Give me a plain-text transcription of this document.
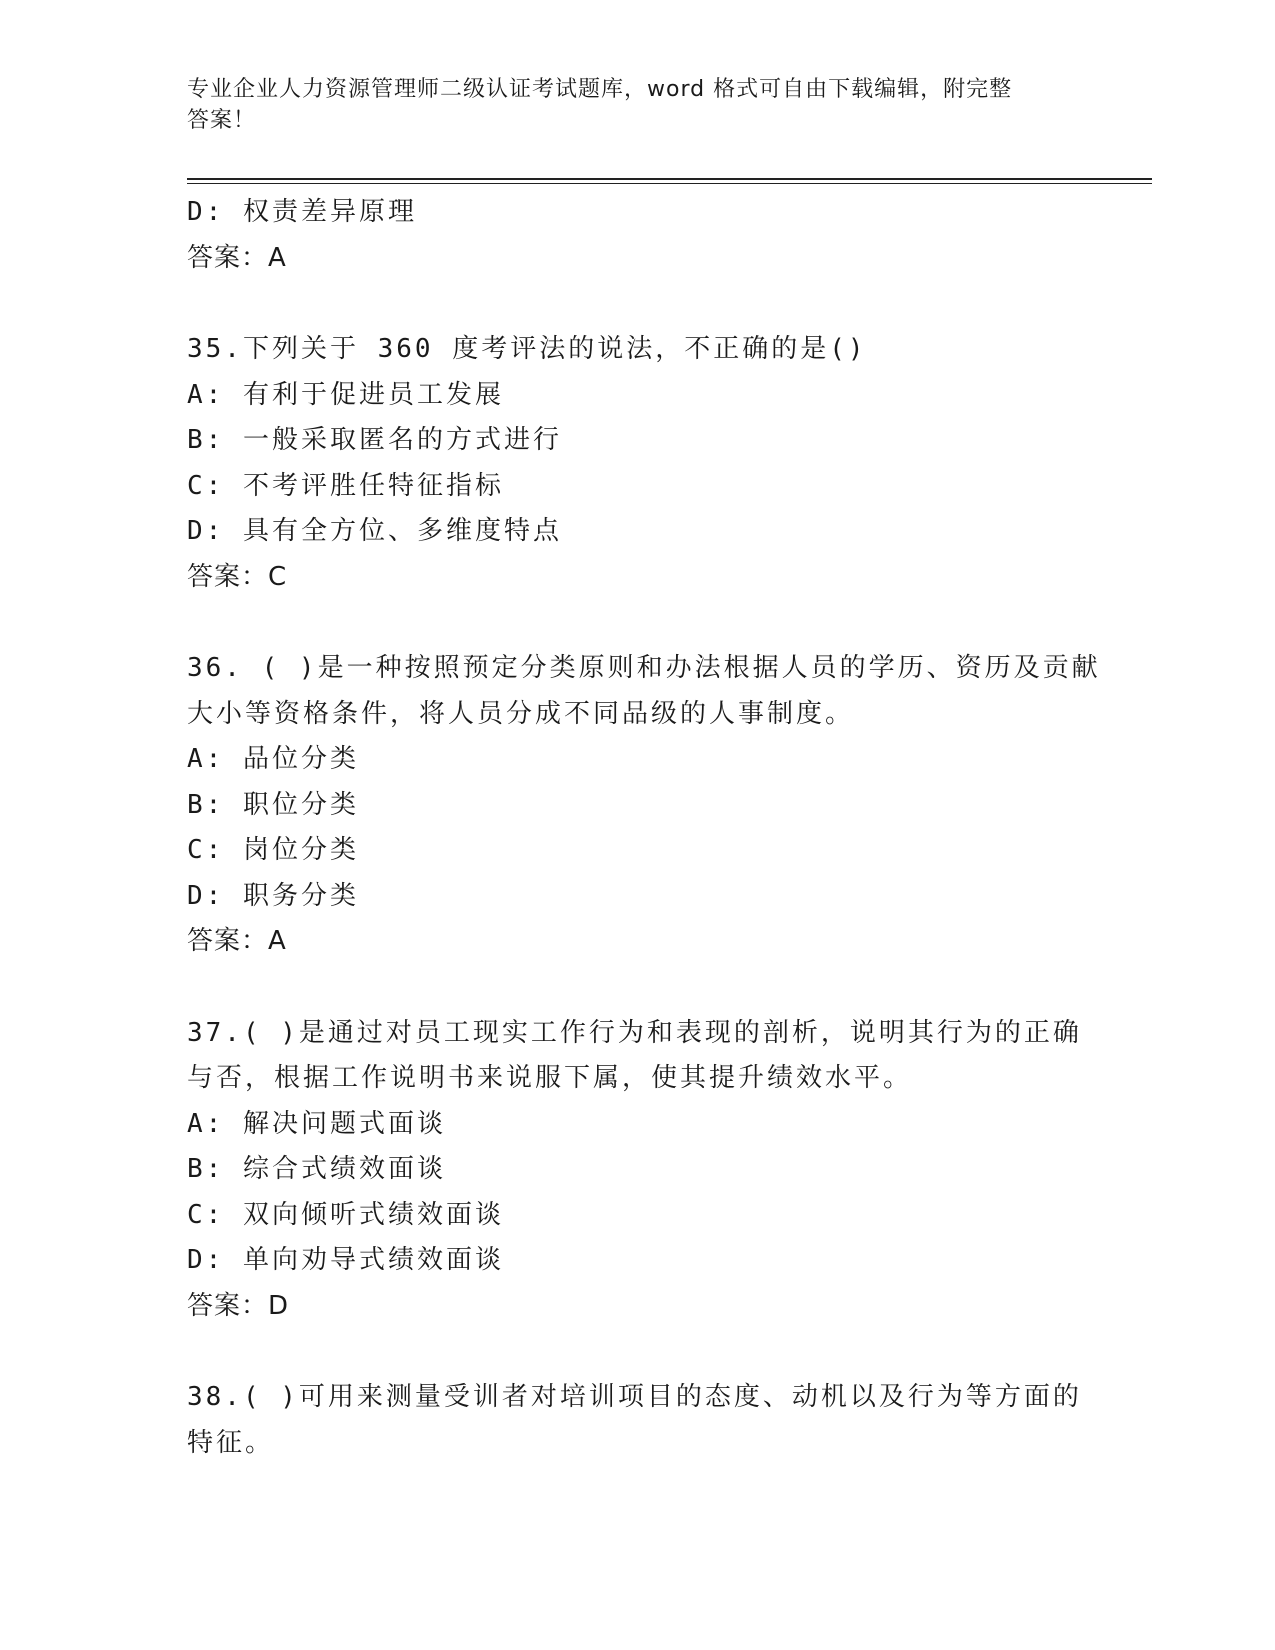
专业企业人力资源管理师二级认证考试题库，word 格式可自由下载编辑，附完整
答案！
D: 权责差异原理
答案：A
35.下列关于 360 度考评法的说法，不正确的是()
A: 有利于促进员工发展
B: 一般采取匿名的方式进行
C: 不考评胜任特征指标
D: 具有全方位、多维度特点
答案：C
36. ( )是一种按照预定分类原则和办法根据人员的学历、资历及贡献
大小等资格条件，将人员分成不同品级的人事制度。
A: 品位分类
B: 职位分类
C: 岗位分类
D: 职务分类
答案：A
37.( )是通过对员工现实工作行为和表现的剖析，说明其行为的正确
与否，根据工作说明书来说服下属，使其提升绩效水平。
A: 解决问题式面谈
B: 综合式绩效面谈
C: 双向倾听式绩效面谈
D: 单向劝导式绩效面谈
答案：D
38.( )可用来测量受训者对培训项目的态度、动机以及行为等方面的
特征。
